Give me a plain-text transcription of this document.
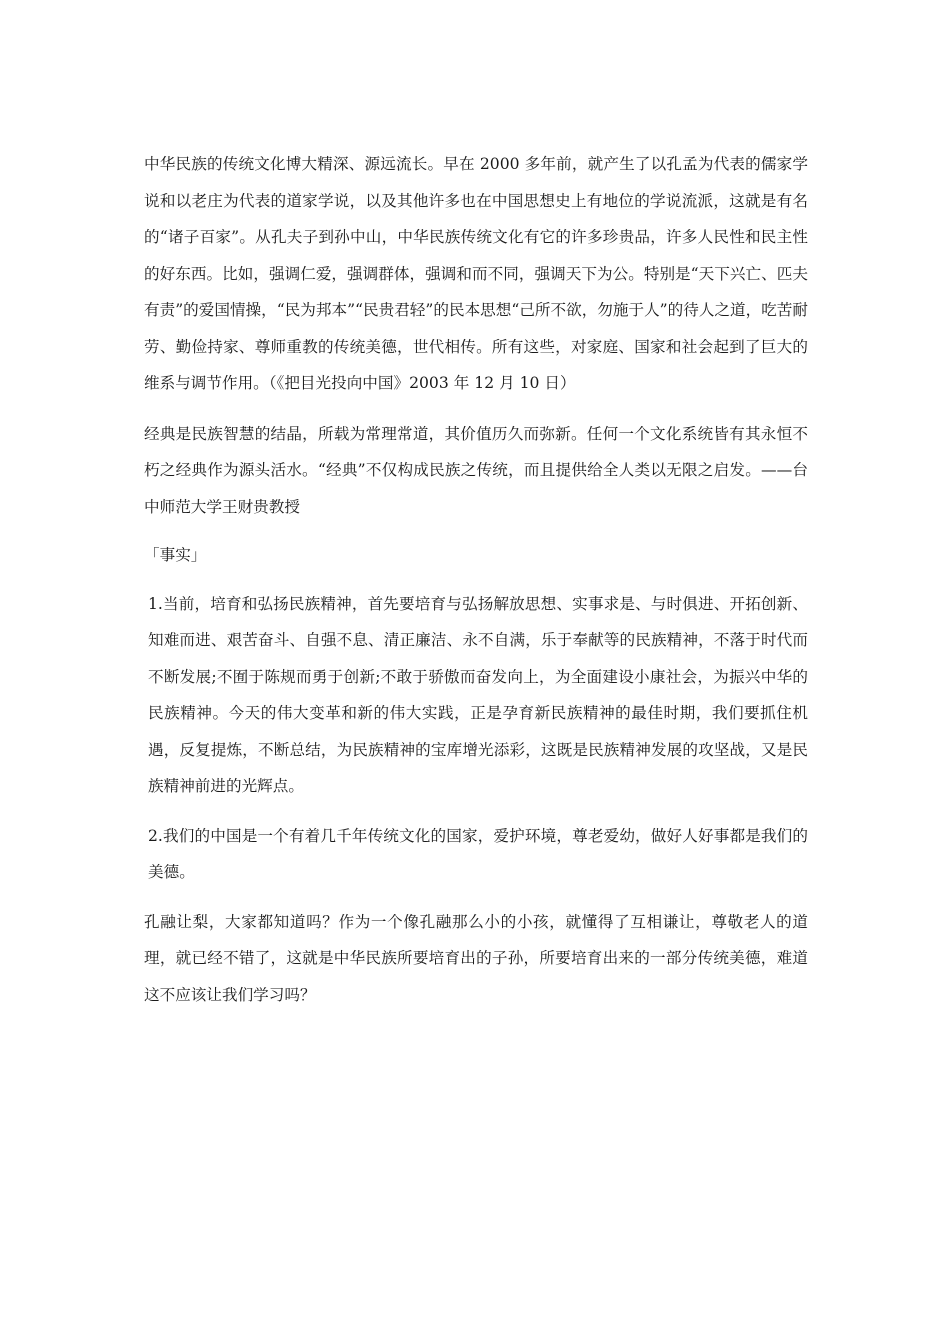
中华民族的传统文化博大精深、源远流长。早在 2000 多年前，就产生了以孔孟为代表的儒家学说和以老庄为代表的道家学说，以及其他许多也在中国思想史上有地位的学说流派，这就是有名的“诸子百家”。从孔夫子到孙中山，中华民族传统文化有它的许多珍贵品，许多人民性和民主性的好东西。比如，强调仁爱，强调群体，强调和而不同，强调天下为公。特别是“天下兴亡、匹夫有责”的爱国情操，“民为邦本”“民贵君轻”的民本思想“己所不欲，勿施于人”的待人之道，吃苦耐劳、勤俭持家、尊师重教的传统美德，世代相传。所有这些，对家庭、国家和社会起到了巨大的维系与调节作用。（《把目光投向中国》2003 年 12 月 10 日）

经典是民族智慧的结晶，所载为常理常道，其价值历久而弥新。任何一个文化系统皆有其永恒不朽之经典作为源头活水。“经典”不仅构成民族之传统，而且提供给全人类以无限之启发。——台中师范大学王财贵教授

「事实」

1.当前，培育和弘扬民族精神，首先要培育与弘扬解放思想、实事求是、与时俱进、开拓创新、知难而进、艰苦奋斗、自强不息、清正廉洁、永不自满，乐于奉献等的民族精神，不落于时代而不断发展;不囿于陈规而勇于创新;不敢于骄傲而奋发向上，为全面建设小康社会，为振兴中华的民族精神。今天的伟大变革和新的伟大实践，正是孕育新民族精神的最佳时期，我们要抓住机遇，反复提炼，不断总结，为民族精神的宝库增光添彩，这既是民族精神发展的攻坚战，又是民族精神前进的光辉点。

2.我们的中国是一个有着几千年传统文化的国家，爱护环境，尊老爱幼，做好人好事都是我们的美德。

孔融让梨，大家都知道吗？作为一个像孔融那么小的小孩，就懂得了互相谦让，尊敬老人的道理，就已经不错了，这就是中华民族所要培育出的子孙，所要培育出来的一部分传统美德，难道这不应该让我们学习吗？
